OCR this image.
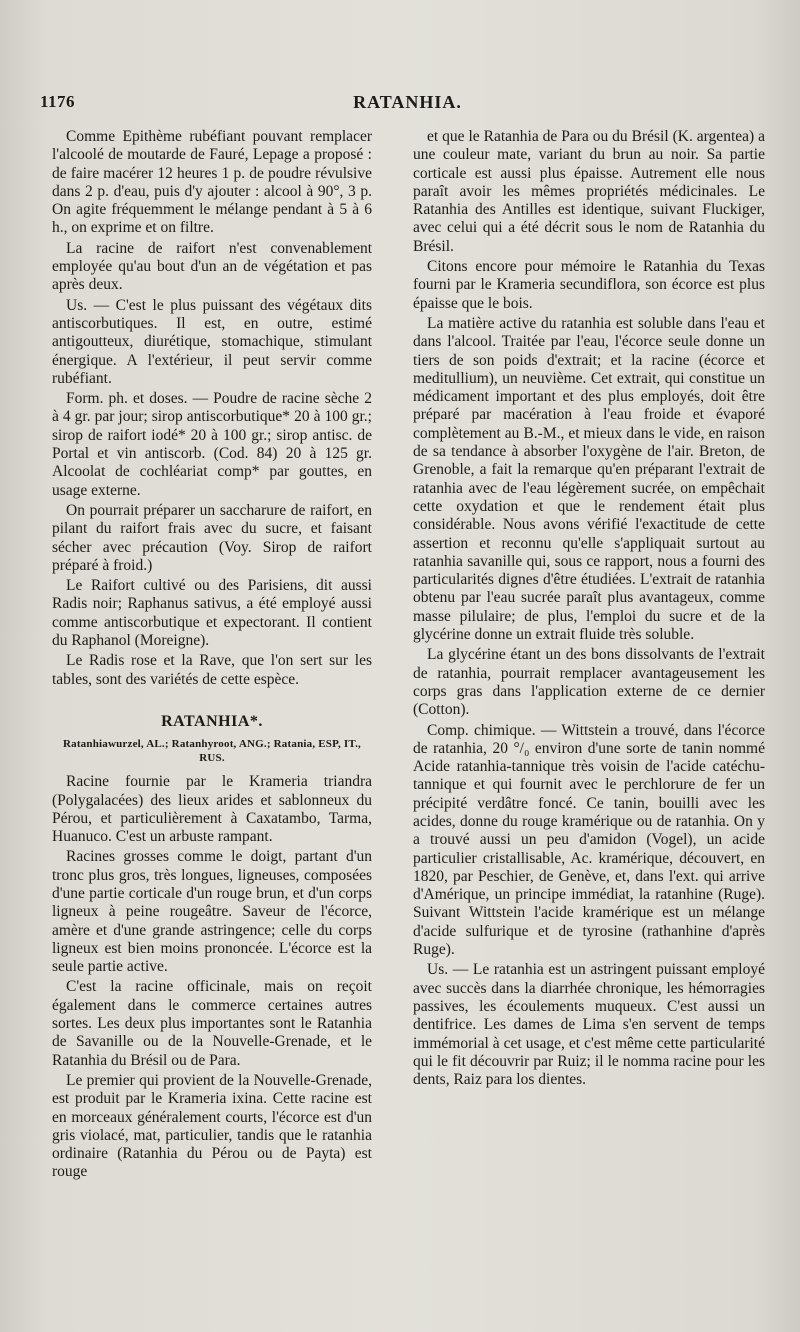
1176	RATANHIA.

Comme Epithème rubéfiant pouvant remplacer l'alcoolé de moutarde de Fauré, Lepage a proposé : de faire macérer 12 heures 1 p. de poudre révulsive dans 2 p. d'eau, puis d'y ajouter : alcool à 90°, 3 p. On agite fréquemment le mélange pendant à 5 à 6 h., on exprime et on filtre.

La racine de raifort n'est convenablement employée qu'au bout d'un an de végétation et pas après deux.

Us. — C'est le plus puissant des végétaux dits antiscorbutiques. Il est, en outre, estimé antigoutteux, diurétique, stomachique, stimulant énergique. A l'extérieur, il peut servir comme rubéfiant.

Form. ph. et doses. — Poudre de racine sèche 2 à 4 gr. par jour; sirop antiscorbutique* 20 à 100 gr.; sirop de raifort iodé* 20 à 100 gr.; sirop antisc. de Portal et vin antiscorb. (Cod. 84) 20 à 125 gr. Alcoolat de cochléariat comp* par gouttes, en usage externe.

On pourrait préparer un saccharure de raifort, en pilant du raifort frais avec du sucre, et faisant sécher avec précaution (Voy. Sirop de raifort préparé à froid.)

Le Raifort cultivé ou des Parisiens, dit aussi Radis noir; Raphanus sativus, a été employé aussi comme antiscorbutique et expectorant. Il contient du Raphanol (Moreigne).

Le Radis rose et la Rave, que l'on sert sur les tables, sont des variétés de cette espèce.

RATANHIA*.
Ratanhiawurzel, AL.; Ratanhyroot, ANG.; Ratania, ESP, IT., RUS.

Racine fournie par le Krameria triandra (Polygalacées) des lieux arides et sablonneux du Pérou, et particulièrement à Caxatambo, Tarma, Huanuco. C'est un arbuste rampant.

Racines grosses comme le doigt, partant d'un tronc plus gros, très longues, ligneuses, composées d'une partie corticale d'un rouge brun, et d'un corps ligneux à peine rougeâtre. Saveur de l'écorce, amère et d'une grande astringence; celle du corps ligneux est bien moins prononcée. L'écorce est la seule partie active.

C'est la racine officinale, mais on reçoit également dans le commerce certaines autres sortes. Les deux plus importantes sont le Ratanhia de Savanille ou de la Nouvelle-Grenade, et le Ratanhia du Brésil ou de Para.

Le premier qui provient de la Nouvelle-Grenade, est produit par le Krameria ixina. Cette racine est en morceaux généralement courts, l'écorce est d'un gris violacé, mat, particulier, tandis que le ratanhia ordinaire (Ratanhia du Pérou ou de Payta) est rouge

et que le Ratanhia de Para ou du Brésil (K. argentea) a une couleur mate, variant du brun au noir. Sa partie corticale est aussi plus épaisse. Autrement elle nous paraît avoir les mêmes propriétés médicinales. Le Ratanhia des Antilles est identique, suivant Fluckiger, avec celui qui a été décrit sous le nom de Ratanhia du Brésil.

Citons encore pour mémoire le Ratanhia du Texas fourni par le Krameria secundiflora, son écorce est plus épaisse que le bois.

La matière active du ratanhia est soluble dans l'eau et dans l'alcool. Traitée par l'eau, l'écorce seule donne un tiers de son poids d'extrait; et la racine (écorce et meditullium), un neuvième. Cet extrait, qui constitue un médicament important et des plus employés, doit être préparé par macération à l'eau froide et évaporé complètement au B.-M., et mieux dans le vide, en raison de sa tendance à absorber l'oxygène de l'air. Breton, de Grenoble, a fait la remarque qu'en préparant l'extrait de ratanhia avec de l'eau légèrement sucrée, on empêchait cette oxydation et que le rendement était plus considérable. Nous avons vérifié l'exactitude de cette assertion et reconnu qu'elle s'appliquait surtout au ratanhia savanille qui, sous ce rapport, nous a fourni des particularités dignes d'être étudiées. L'extrait de ratanhia obtenu par l'eau sucrée paraît plus avantageux, comme masse pilulaire; de plus, l'emploi du sucre et de la glycérine donne un extrait fluide très soluble.

La glycérine étant un des bons dissolvants de l'extrait de ratanhia, pourrait remplacer avantageusement les corps gras dans l'application externe de ce dernier (Cotton).

Comp. chimique. — Wittstein a trouvé, dans l'écorce de ratanhia, 20 °/₀ environ d'une sorte de tanin nommé Acide ratanhia-tannique très voisin de l'acide catéchu-tannique et qui fournit avec le perchlorure de fer un précipité verdâtre foncé. Ce tanin, bouilli avec les acides, donne du rouge kramérique ou de ratanhia. On y a trouvé aussi un peu d'amidon (Vogel), un acide particulier cristallisable, Ac. kramérique, découvert, en 1820, par Peschier, de Genève, et, dans l'ext. qui arrive d'Amérique, un principe immédiat, la ratanhine (Ruge). Suivant Wittstein l'acide kramérique est un mélange d'acide sulfurique et de tyrosine (rathanhine d'après Ruge).

Us. — Le ratanhia est un astringent puissant employé avec succès dans la diarrhée chronique, les hémorragies passives, les écoulements muqueux. C'est aussi un dentifrice. Les dames de Lima s'en servent de temps immémorial à cet usage, et c'est même cette particularité qui le fit découvrir par Ruiz; il le nomma racine pour les dents, Raiz para los dientes.
